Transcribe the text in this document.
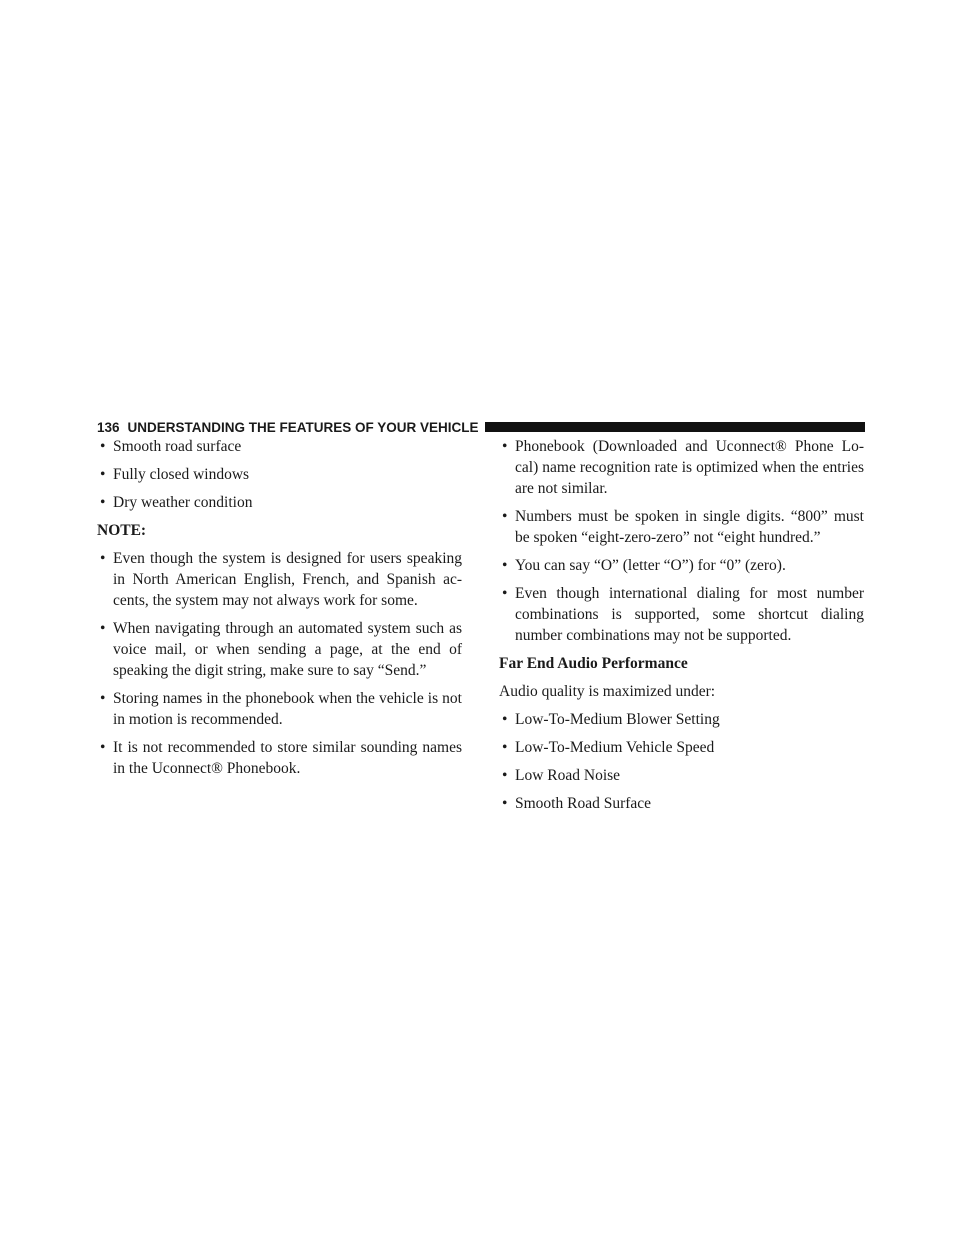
136 UNDERSTANDING THE FEATURES OF YOUR VEHICLE
• Smooth road surface
• Fully closed windows
• Dry weather condition
NOTE:
• Even though the system is designed for users speaking in North American English, French, and Spanish ac- cents, the system may not always work for some.
• When navigating through an automated system such as voice mail, or when sending a page, at the end of speaking the digit string, make sure to say “Send.”
• Storing names in the phonebook when the vehicle is not in motion is recommended.
• It is not recommended to store similar sounding names in the Uconnect® Phonebook.
• Phonebook (Downloaded and Uconnect® Phone Lo- cal) name recognition rate is optimized when the entries are not similar.
• Numbers must be spoken in single digits. “800” must be spoken “eight-zero-zero” not “eight hundred.”
• You can say “O” (letter “O”) for “0” (zero).
• Even though international dialing for most number combinations is supported, some shortcut dialing number combinations may not be supported.
Far End Audio Performance
Audio quality is maximized under:
• Low-To-Medium Blower Setting
• Low-To-Medium Vehicle Speed
• Low Road Noise
• Smooth Road Surface
